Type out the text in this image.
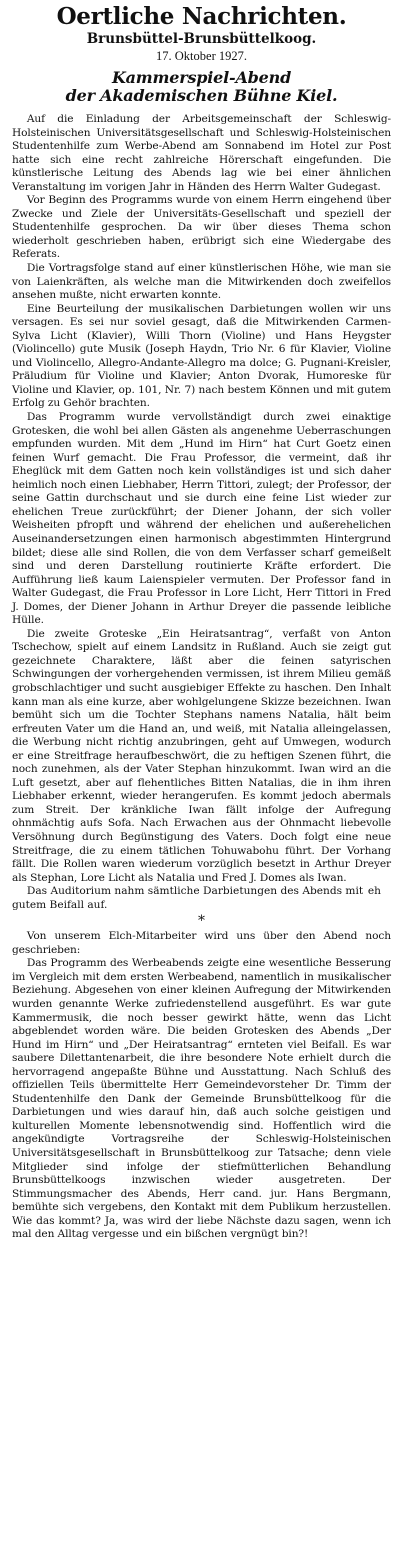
Oertliche Nachrichten.
Brunsbüttel-Brunsbüttelkoog.
17. Oktober 1927.
Kammerspiel-Abend
der Akademischen Bühne Kiel.

Auf die Einladung der Arbeitsgemeinschaft der Schleswig-Holsteinischen Universitätsgesellschaft und Schleswig-Holsteinischen Studentenhilfe zum Werbe-Abend am Sonnabend im Hotel zur Post hatte sich eine recht zahlreiche Hörerschaft eingefunden. Die künstlerische Leitung des Abends lag wie bei einer ähnlichen Veranstaltung im vorigen Jahr in Händen des Herrn Walter Gudegast.

Vor Beginn des Programms wurde von einem Herrn eingehend über Zwecke und Ziele der Universitäts-Gesellschaft und speziell der Studentenhilfe gesprochen. Da wir über dieses Thema schon wiederholt geschrieben haben, erübrigt sich eine Wiedergabe des Referats.

Die Vortragsfolge stand auf einer künstlerischen Höhe, wie man sie von Laienkräften, als welche man die Mitwirkenden doch zweifellos ansehen mußte, nicht erwarten konnte.

Eine Beurteilung der musikalischen Darbietungen wollen wir uns versagen. Es sei nur soviel gesagt, daß die Mitwirkenden Carmen-Sylva Licht (Klavier), Willi Thorn (Violine) und Hans Heygster (Violincello) gute Musik (Joseph Haydn, Trio Nr. 6 für Klavier, Violine und Violincello, Allegro-Andante-Allegro ma dolce; G. Pugnani-Kreisler, Präludium für Violine und Klavier; Anton Dvorak, Humoreske für Violine und Klavier, op. 101, Nr. 7) nach bestem Können und mit gutem Erfolg zu Gehör brachten.

Das Programm wurde vervollständigt durch zwei einaktige Grotesken, die wohl bei allen Gästen als angenehme Ueberraschungen empfunden wurden. Mit dem „Hund im Hirn“ hat Curt Goetz einen feinen Wurf gemacht. Die Frau Professor, die vermeint, daß ihr Eheglück mit dem Gatten noch kein vollständiges ist und sich daher heimlich noch einen Liebhaber, Herrn Tittori, zulegt; der Professor, der seine Gattin durchschaut und sie durch eine feine List wieder zur ehelichen Treue zurückführt; der Diener Johann, der sich voller Weisheiten pfropft und während der ehelichen und außerehelichen Auseinandersetzungen einen harmonisch abgestimmten Hintergrund bildet; diese alle sind Rollen, die von dem Verfasser scharf gemeißelt sind und deren Darstellung routinierte Kräfte erfordert. Die Aufführung ließ kaum Laienspieler vermuten. Der Professor fand in Walter Gudegast, die Frau Professor in Lore Licht, Herr Tittori in Fred J. Domes, der Diener Johann in Arthur Dreyer die passende leibliche Hülle.

Die zweite Groteske „Ein Heiratsantrag“, verfaßt von Anton Tschechow, spielt auf einem Landsitz in Rußland. Auch sie zeigt gut gezeichnete Charaktere, läßt aber die feinen satyrischen Schwingungen der vorhergehenden vermissen, ist ihrem Milieu gemäß grobschlachtiger und sucht ausgiebiger Effekte zu haschen. Den Inhalt kann man als eine kurze, aber wohlgelungene Skizze bezeichnen. Iwan bemüht sich um die Tochter Stephans namens Natalia, hält beim erfreuten Vater um die Hand an, und weiß, mit Natalia alleingelassen, die Werbung nicht richtig anzubringen, geht auf Umwegen, wodurch er eine Streitfrage heraufbeschwört, die zu heftigen Szenen führt, die noch zunehmen, als der Vater Stephan hinzukommt. Iwan wird an die Luft gesetzt, aber auf flehentliches Bitten Natalias, die in ihm ihren Liebhaber erkennt, wieder herangerufen. Es kommt jedoch abermals zum Streit. Der kränkliche Iwan fällt infolge der Aufregung ohnmächtig aufs Sofa. Nach Erwachen aus der Ohnmacht liebevolle Versöhnung durch Begünstigung des Vaters. Doch folgt eine neue Streitfrage, die zu einem tätlichen Tohuwabohu führt. Der Vorhang fällt. Die Rollen waren wiederum vorzüglich besetzt in Arthur Dreyer als Stephan, Lore Licht als Natalia und Fred J. Domes als Iwan.

Das Auditorium nahm sämtliche Darbietungen des Abends mit gutem Beifall auf.
eh
*

Von unserem Elch-Mitarbeiter wird uns über den Abend noch geschrieben:

Das Programm des Werbeabends zeigte eine wesentliche Besserung im Vergleich mit dem ersten Werbeabend, namentlich in musikalischer Beziehung. Abgesehen von einer kleinen Aufregung der Mitwirkenden wurden genannte Werke zufriedenstellend ausgeführt. Es war gute Kammermusik, die noch besser gewirkt hätte, wenn das Licht abgeblendet worden wäre. Die beiden Grotesken des Abends „Der Hund im Hirn“ und „Der Heiratsantrag“ ernteten viel Beifall. Es war saubere Dilettantenarbeit, die ihre besondere Note erhielt durch die hervorragend angepaßte Bühne und Ausstattung. Nach Schluß des offiziellen Teils übermittelte Herr Gemeindevorsteher Dr. Timm der Studentenhilfe den Dank der Gemeinde Brunsbüttelkoog für die Darbietungen und wies darauf hin, daß auch solche geistigen und kulturellen Momente lebensnotwendig sind. Hoffentlich wird die angekündigte Vortragsreihe der Schleswig-Holsteinischen Universitätsgesellschaft in Brunsbüttelkoog zur Tatsache; denn viele Mitglieder sind infolge der stiefmütterlichen Behandlung Brunsbüttelkoogs inzwischen wieder ausgetreten. Der Stimmungsmacher des Abends, Herr cand. jur. Hans Bergmann, bemühte sich vergebens, den Kontakt mit dem Publikum herzustellen. Wie das kommt? Ja, was wird der liebe Nächste dazu sagen, wenn ich mal den Alltag vergesse und ein bißchen vergnügt bin?!
